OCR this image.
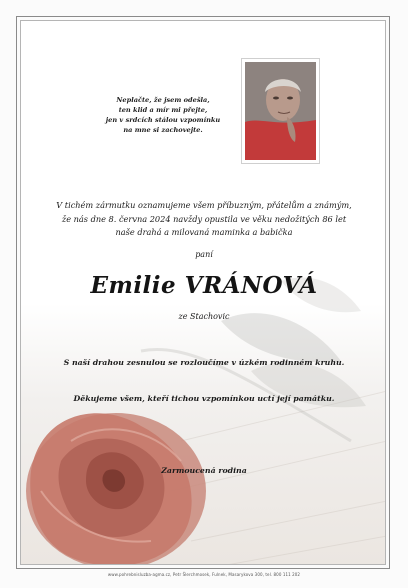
Neplačte, že jsem odešla,
ten klid a mír mi přejte,
jen v srdcích stálou vzpomínku
na mne si zachovejte.
V tichém zármutku oznamujeme všem příbuzným, přátelům a známým,
že nás dne 8. června 2024 navždy opustila ve věku nedožitých 86 let
naše drahá a milovaná maminka a babička
paní
Emilie VRÁNOVÁ
ze Stachovic
S naší drahou zesnulou se rozloučíme v úzkém rodinném kruhu.
Děkujeme všem, kteří tichou vzpomínkou uctí její památku.
Zarmoucená rodina
www.pohrebnisluzba-agma.cz, Petr Šlerchmosek, Fulnek, Masarykova 300, tel. 800 111 202
